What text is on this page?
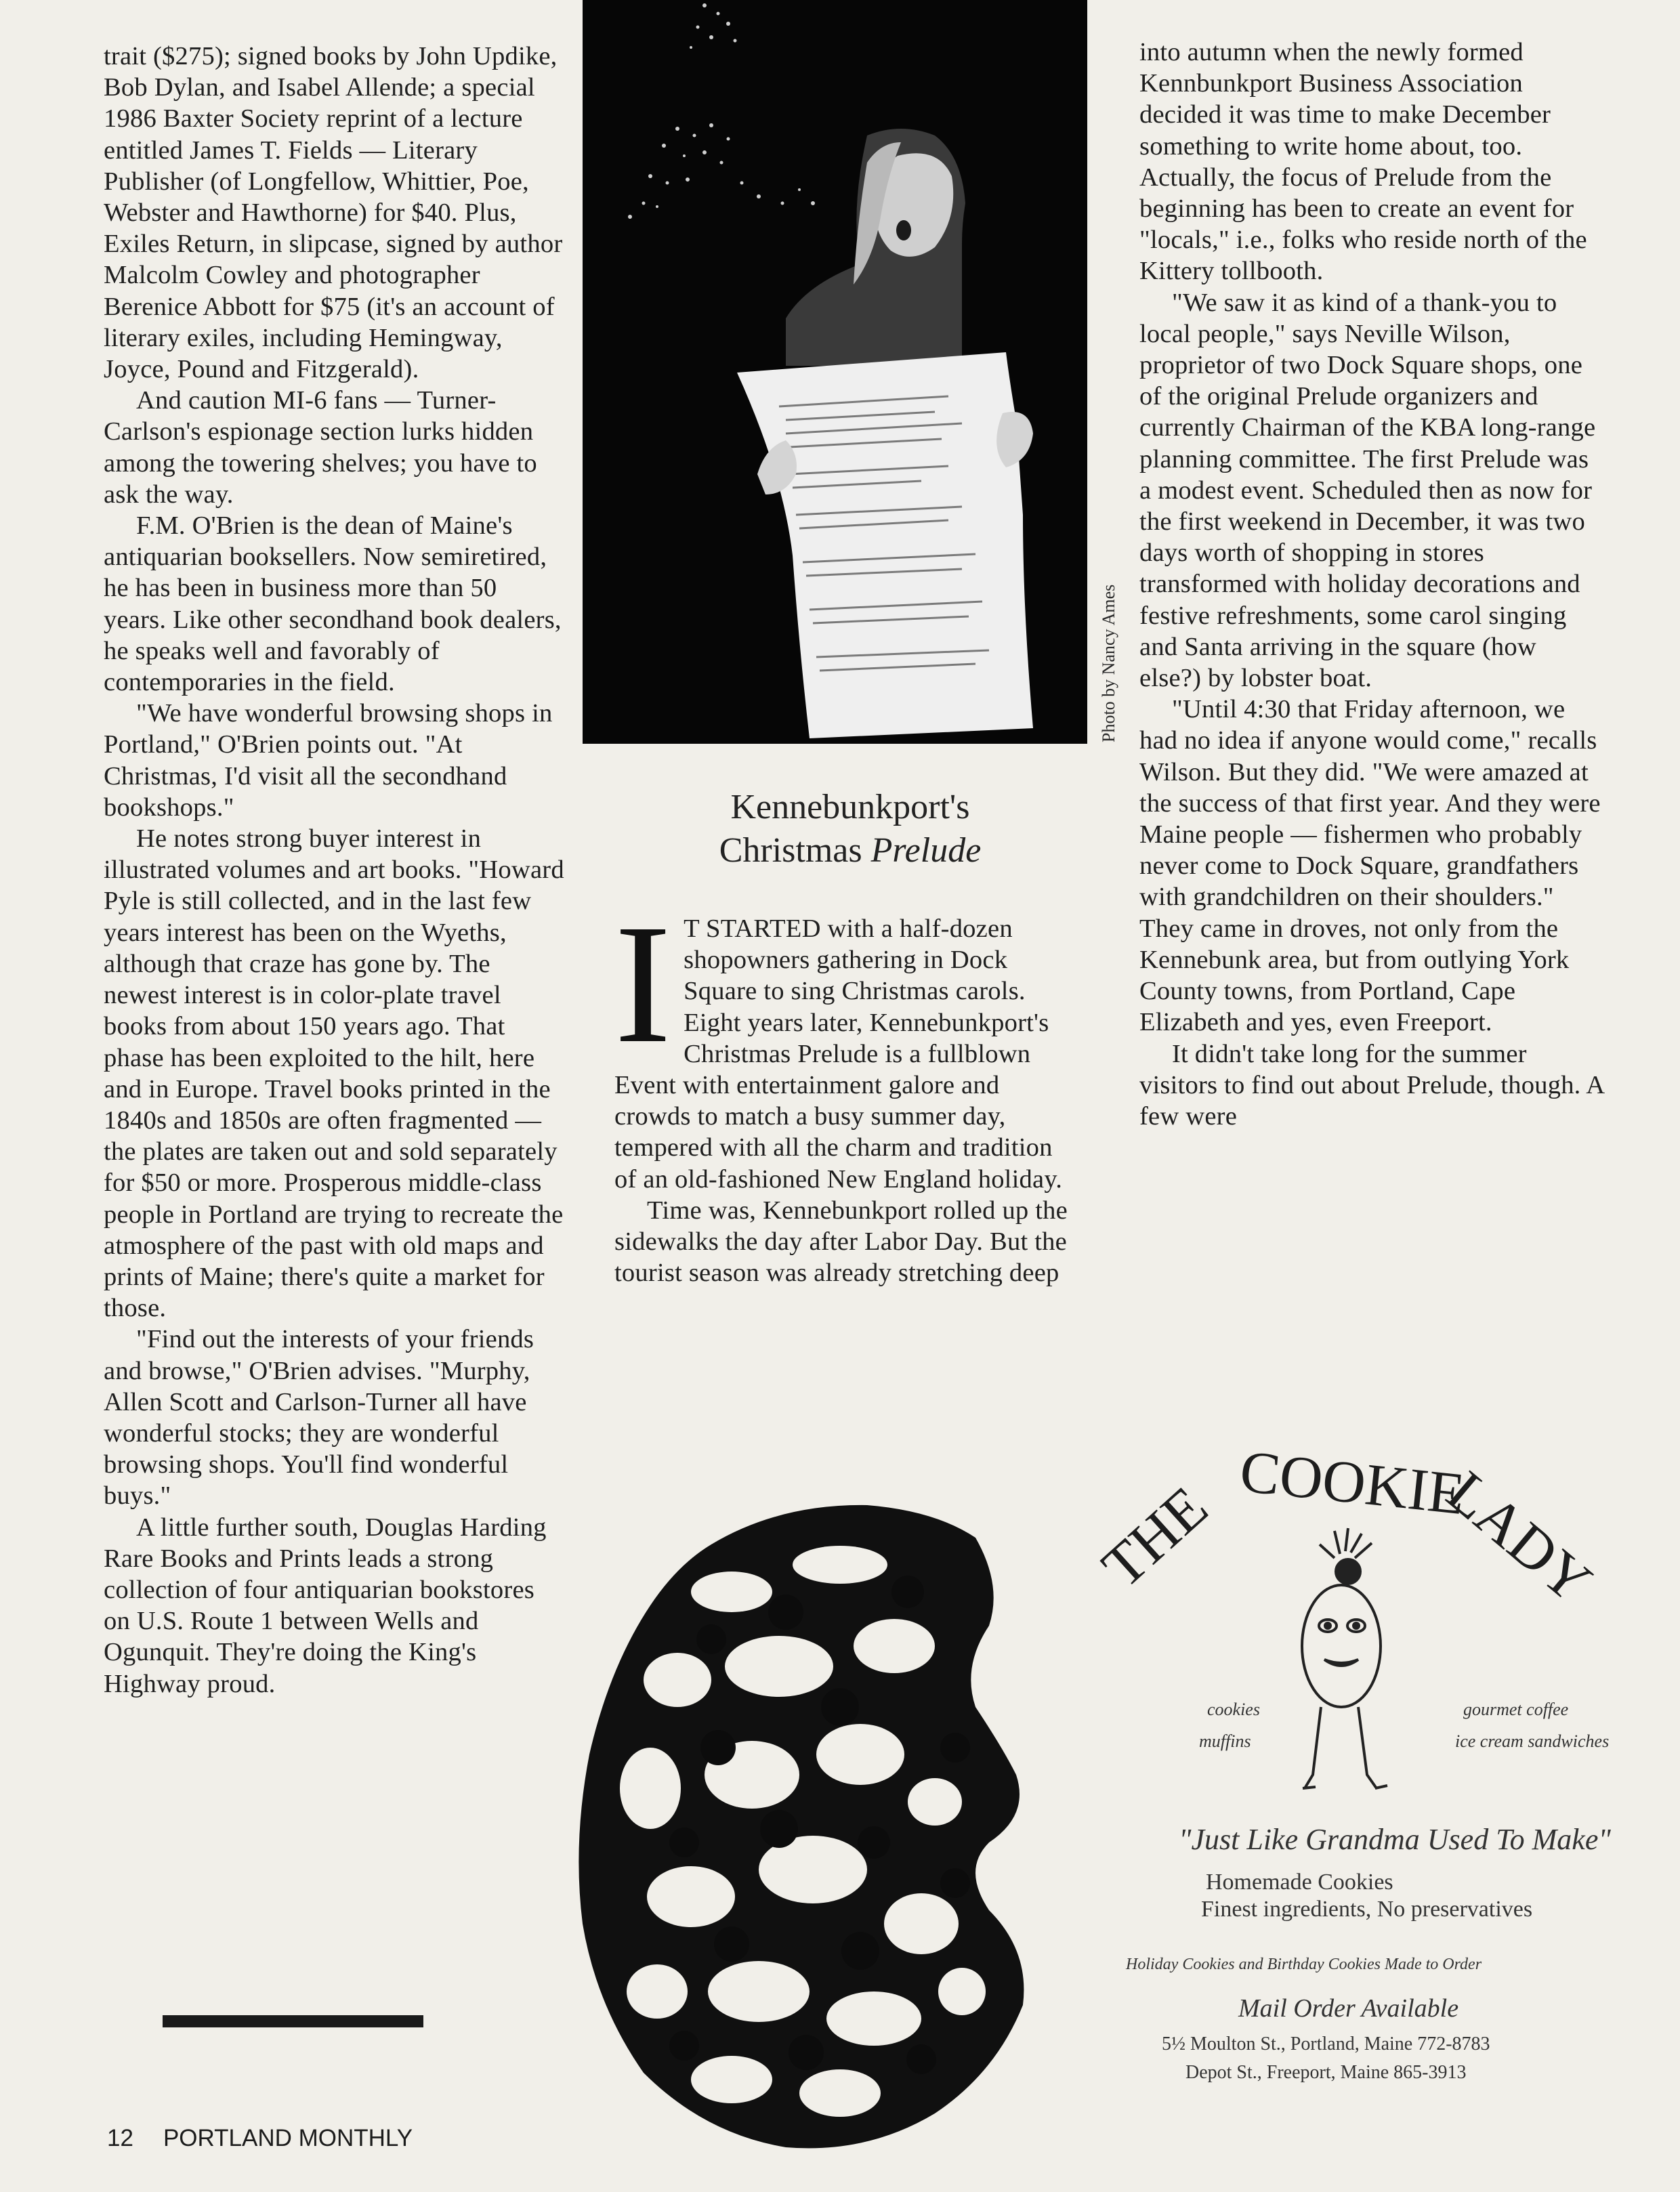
trait ($275); signed books by John Updike, Bob Dylan, and Isabel Allende; a special 1986 Baxter Society reprint of a lecture entitled James T. Fields — Literary Publisher (of Longfellow, Whittier, Poe, Webster and Hawthorne) for $40. Plus, Exiles Return, in slipcase, signed by author Malcolm Cowley and photographer Berenice Abbott for $75 (it's an account of literary exiles, including Hemingway, Joyce, Pound and Fitzgerald).

And caution MI-6 fans — Turner-Carlson's espionage section lurks hidden among the towering shelves; you have to ask the way.

F.M. O'Brien is the dean of Maine's antiquarian booksellers. Now semiretired, he has been in business more than 50 years. Like other secondhand book dealers, he speaks well and favorably of contemporaries in the field.

"We have wonderful browsing shops in Portland," O'Brien points out. "At Christmas, I'd visit all the secondhand bookshops."

He notes strong buyer interest in illustrated volumes and art books. "Howard Pyle is still collected, and in the last few years interest has been on the Wyeths, although that craze has gone by. The newest interest is in color-plate travel books from about 150 years ago. That phase has been exploited to the hilt, here and in Europe. Travel books printed in the 1840s and 1850s are often fragmented — the plates are taken out and sold separately for $50 or more. Prosperous middle-class people in Portland are trying to recreate the atmosphere of the past with old maps and prints of Maine; there's quite a market for those.

"Find out the interests of your friends and browse," O'Brien advises. "Murphy, Allen Scott and Carlson-Turner all have wonderful stocks; they are wonderful browsing shops. You'll find wonderful buys."

A little further south, Douglas Harding Rare Books and Prints leads a strong collection of four antiquarian bookstores on U.S. Route 1 between Wells and Ogunquit. They're doing the King's Highway proud.

Photo by Nancy Ames
Kennebunkport's
Christmas Prelude

I T STARTED with a half-dozen shopowners gathering in Dock Square to sing Christmas carols. Eight years later, Kennebunkport's Christmas Prelude is a fullblown Event with entertainment galore and crowds to match a busy summer day, tempered with all the charm and tradition of an old-fashioned New England holiday.

Time was, Kennebunkport rolled up the sidewalks the day after Labor Day. But the tourist season was already stretching deep

into autumn when the newly formed Kennbunkport Business Association decided it was time to make December something to write home about, too. Actually, the focus of Prelude from the beginning has been to create an event for "locals," i.e., folks who reside north of the Kittery tollbooth.

"We saw it as kind of a thank-you to local people," says Neville Wilson, proprietor of two Dock Square shops, one of the original Prelude organizers and currently Chairman of the KBA long-range planning committee. The first Prelude was a modest event. Scheduled then as now for the first weekend in December, it was two days worth of shopping in stores transformed with holiday decorations and festive refreshments, some carol singing and Santa arriving in the square (how else?) by lobster boat.

"Until 4:30 that Friday afternoon, we had no idea if anyone would come," recalls Wilson. But they did. "We were amazed at the success of that first year. And they were Maine people — fishermen who probably never come to Dock Square, grandfathers with grandchildren on their shoulders." They came in droves, not only from the Kennebunk area, but from outlying York County towns, from Portland, Cape Elizabeth and yes, even Freeport.

It didn't take long for the summer visitors to find out about Prelude, though. A few were

THE COOKIE
LADY
cookies
muffins
gourmet coffee
ice cream sandwiches
"Just Like Grandma Used To Make"
Homemade Cookies
Finest ingredients, No preservatives
Holiday Cookies and Birthday Cookies Made to Order
Mail Order Available
5½ Moulton St., Portland, Maine 772-8783
Depot St., Freeport, Maine 865-3913
12 PORTLAND MONTHLY
